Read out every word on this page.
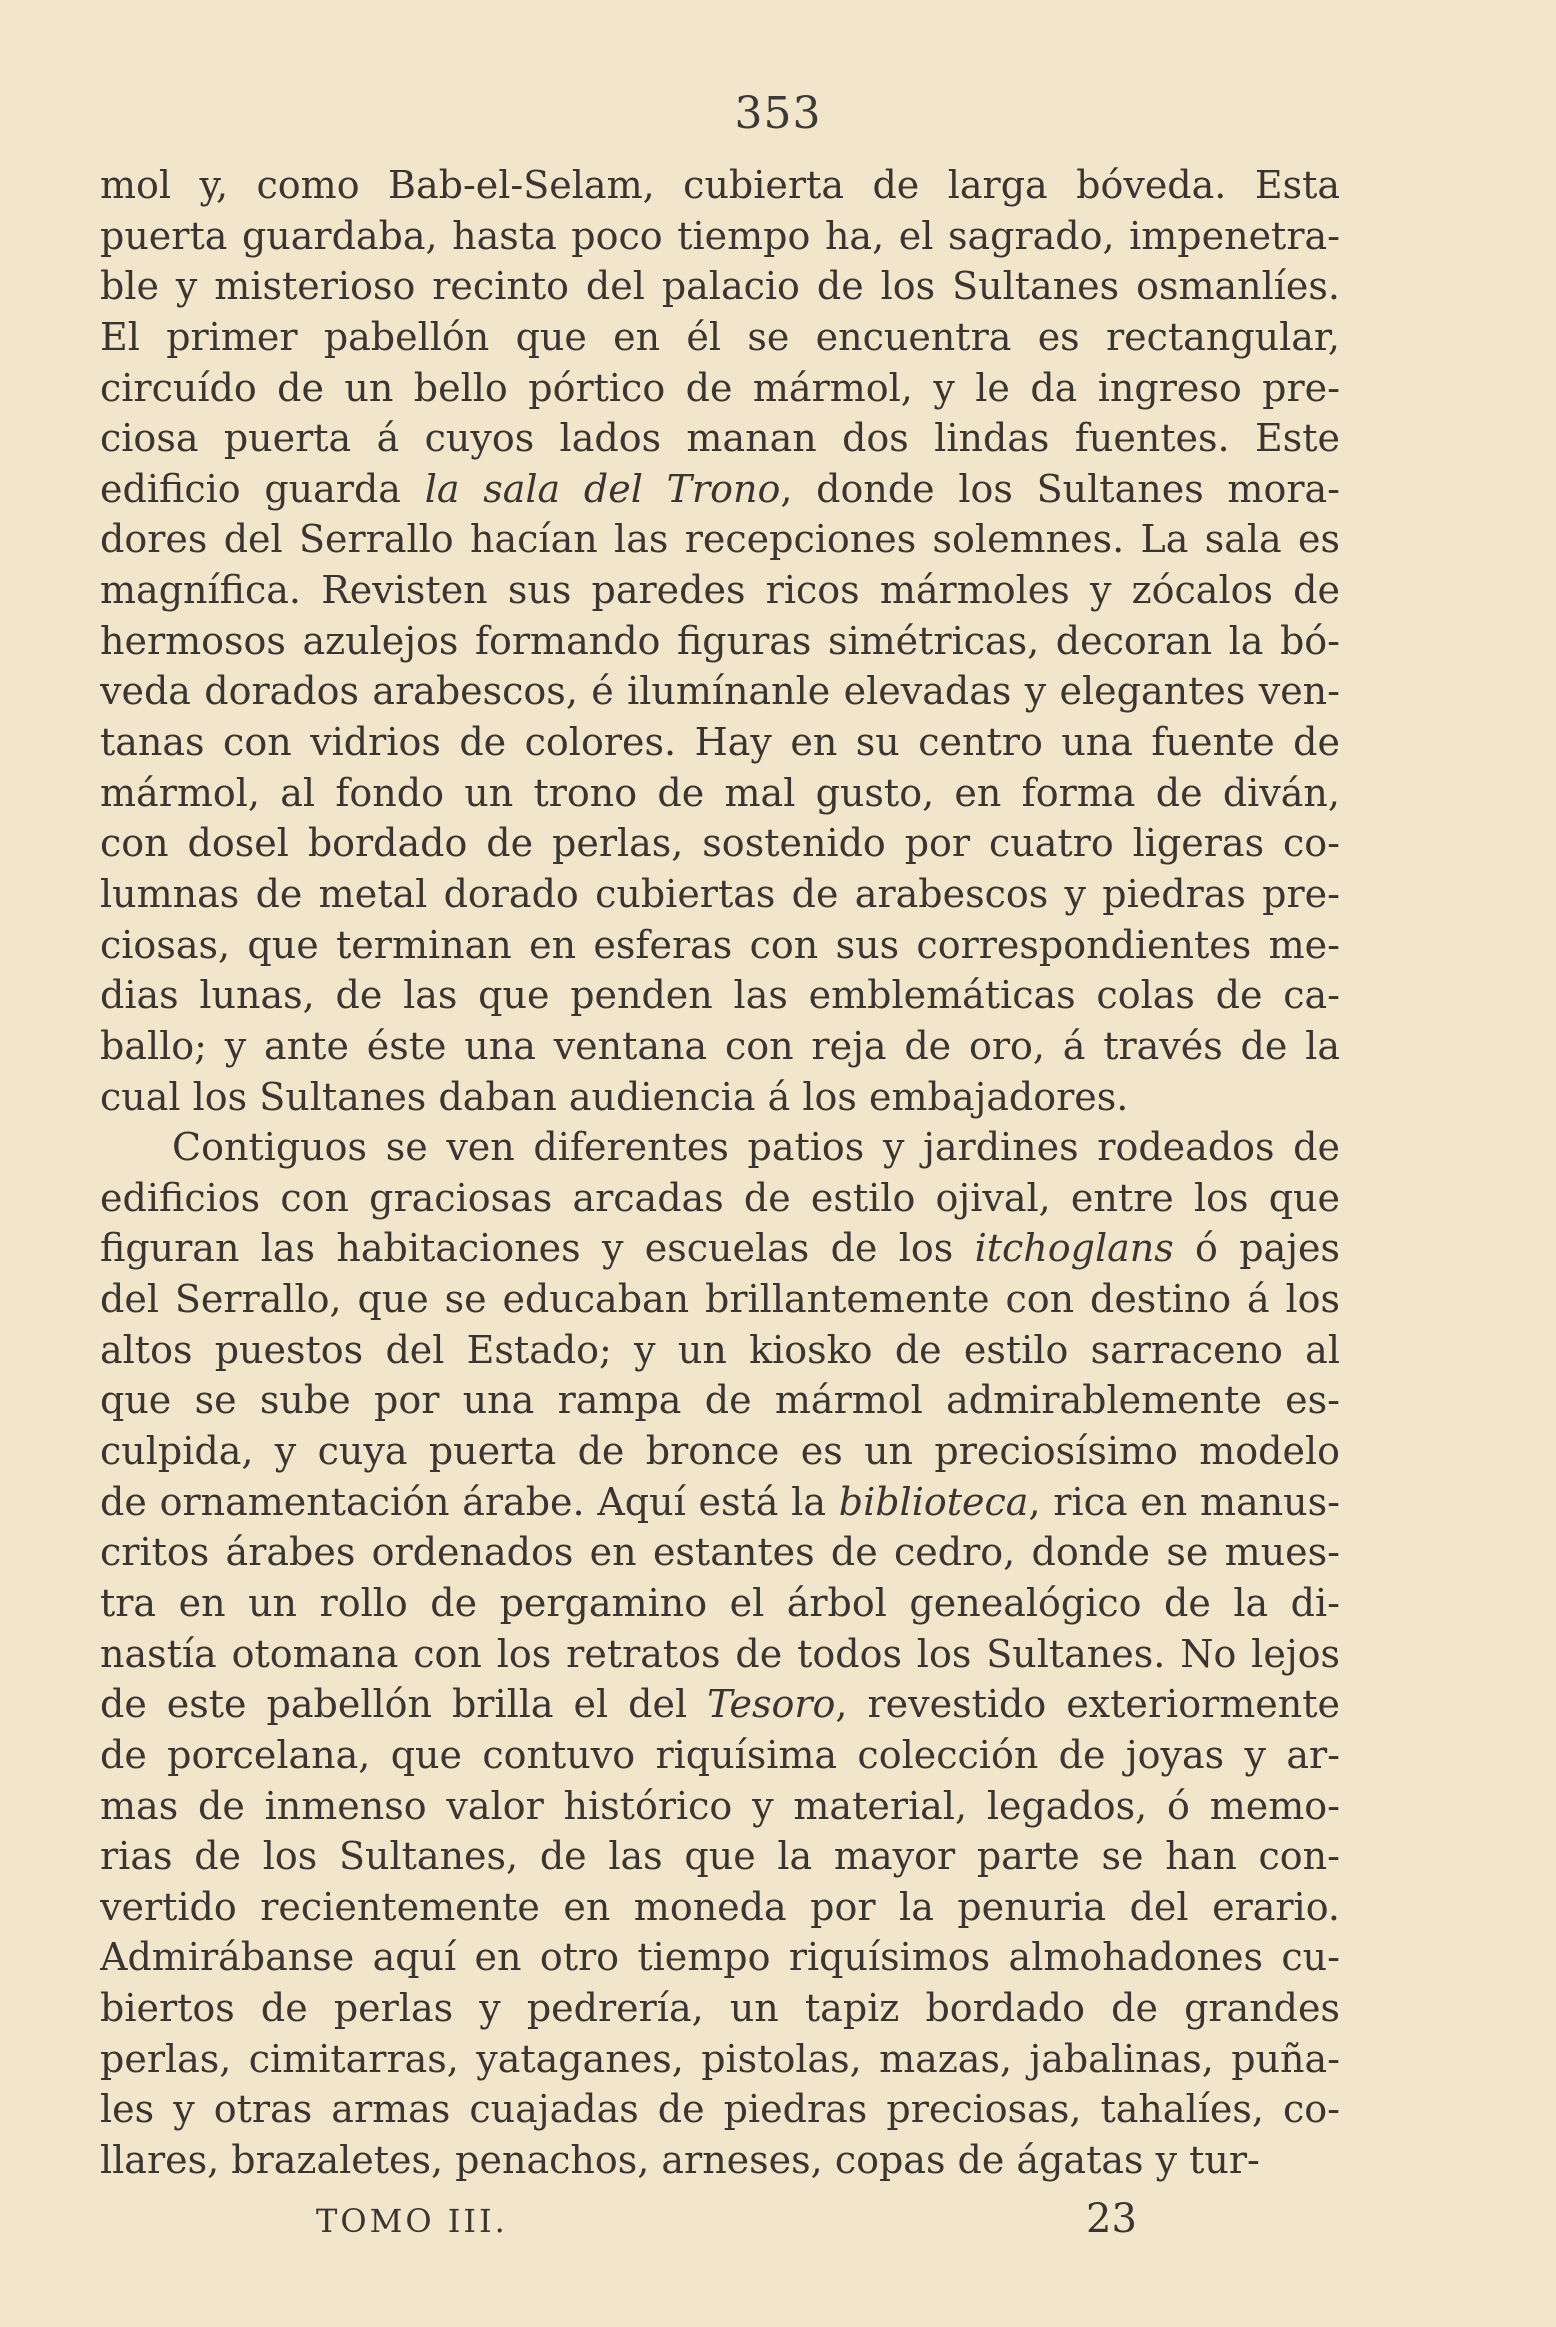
353
mol y, como Bab-el-Selam, cubierta de larga bóveda. Esta
puerta guardaba, hasta poco tiempo ha, el sagrado, impenetra-
ble y misterioso recinto del palacio de los Sultanes osmanlíes.
El primer pabellón que en él se encuentra es rectangular,
circuído de un bello pórtico de mármol, y le da ingreso pre-
ciosa puerta á cuyos lados manan dos lindas fuentes. Este
edificio guarda la sala del Trono, donde los Sultanes mora-
dores del Serrallo hacían las recepciones solemnes. La sala es
magnífica. Revisten sus paredes ricos mármoles y zócalos de
hermosos azulejos formando figuras simétricas, decoran la bó-
veda dorados arabescos, é ilumínanle elevadas y elegantes ven-
tanas con vidrios de colores. Hay en su centro una fuente de
mármol, al fondo un trono de mal gusto, en forma de diván,
con dosel bordado de perlas, sostenido por cuatro ligeras co-
lumnas de metal dorado cubiertas de arabescos y piedras pre-
ciosas, que terminan en esferas con sus correspondientes me-
dias lunas, de las que penden las emblemáticas colas de ca-
ballo; y ante éste una ventana con reja de oro, á través de la
cual los Sultanes daban audiencia á los embajadores.
Contiguos se ven diferentes patios y jardines rodeados de
edificios con graciosas arcadas de estilo ojival, entre los que
figuran las habitaciones y escuelas de los itchoglans ó pajes
del Serrallo, que se educaban brillantemente con destino á los
altos puestos del Estado; y un kiosko de estilo sarraceno al
que se sube por una rampa de mármol admirablemente es-
culpida, y cuya puerta de bronce es un preciosísimo modelo
de ornamentación árabe. Aquí está la biblioteca, rica en manus-
critos árabes ordenados en estantes de cedro, donde se mues-
tra en un rollo de pergamino el árbol genealógico de la di-
nastía otomana con los retratos de todos los Sultanes. No lejos
de este pabellón brilla el del Tesoro, revestido exteriormente
de porcelana, que contuvo riquísima colección de joyas y ar-
mas de inmenso valor histórico y material, legados, ó memo-
rias de los Sultanes, de las que la mayor parte se han con-
vertido recientemente en moneda por la penuria del erario.
Admirábanse aquí en otro tiempo riquísimos almohadones cu-
biertos de perlas y pedrería, un tapiz bordado de grandes
perlas, cimitarras, yataganes, pistolas, mazas, jabalinas, puña-
les y otras armas cuajadas de piedras preciosas, tahalíes, co-
llares, brazaletes, penachos, arneses, copas de ágatas y tur-
TOMO III.	23
